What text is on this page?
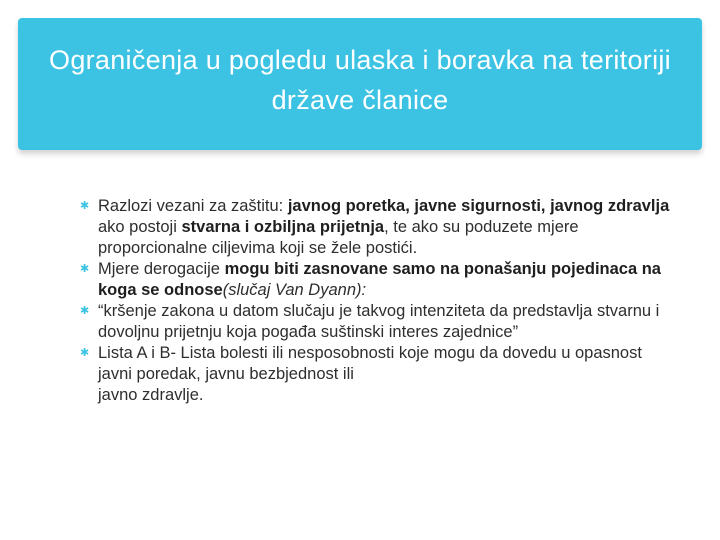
Ograničenja u pogledu ulaska i boravka na teritoriji države članice

✱ Razlozi vezani za zaštitu: javnog poretka, javne sigurnosti, javnog zdravlja ako postoji stvarna i ozbiljna prijetnja, te ako su poduzete mjere proporcionalne ciljevima koji se žele postići.

✱ Mjere derogacije mogu biti zasnovane samo na ponašanju pojedinaca na koga se odnose(slučaj Van Dyann):

✱ “kršenje zakona u datom slučaju je takvog intenziteta da predstavlja stvarnu i dovoljnu prijetnju koja pogađa suštinski interes zajednice”

✱ Lista A i B- Lista bolesti ili nesposobnosti koje mogu da dovedu u opasnost javni poredak, javnu bezbjednost ili

javno zdravlje.
